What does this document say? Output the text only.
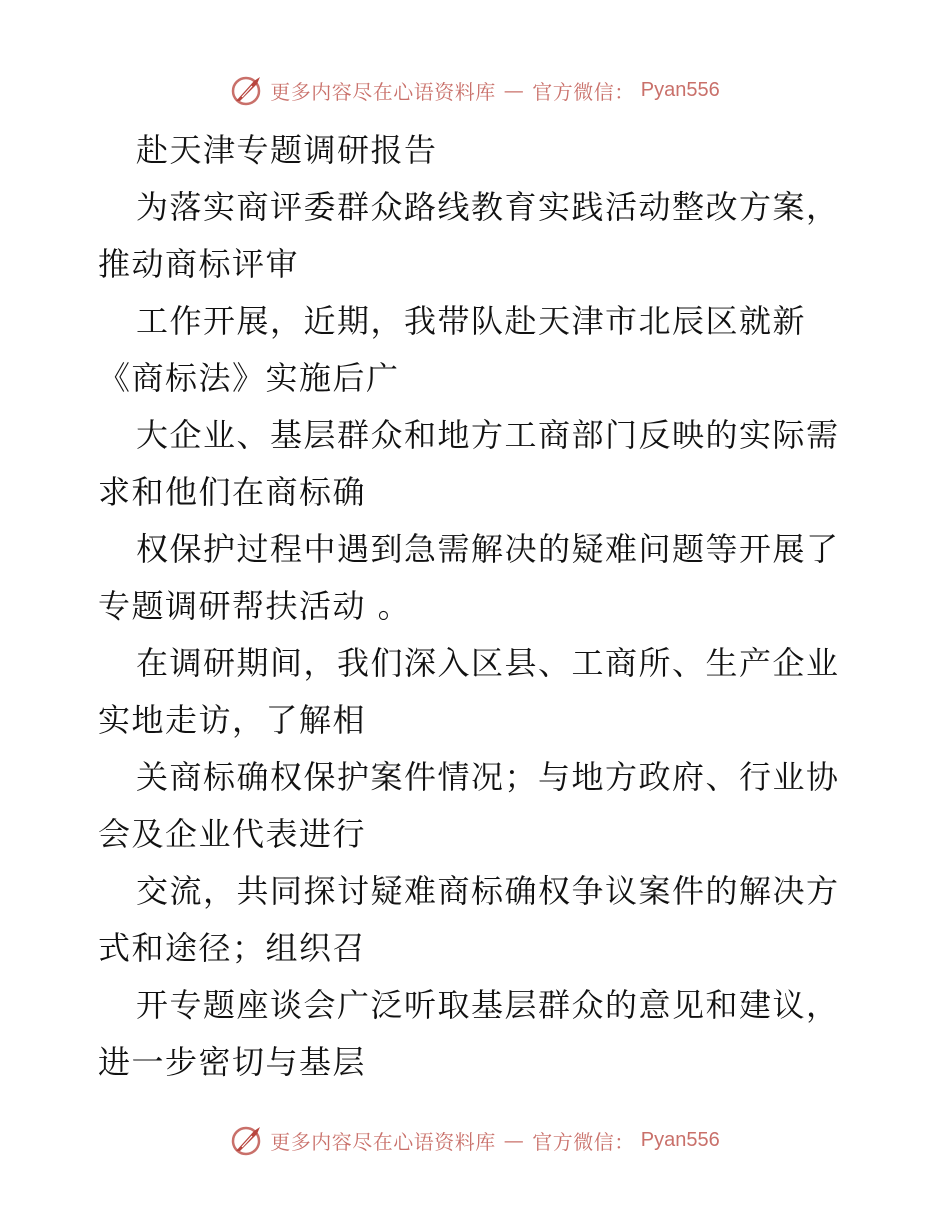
更多内容尽在心语资料库 — 官方微信： Pyan556
赴天津专题调研报告
为落实商评委群众路线教育实践活动整改方案，
推动商标评审
工作开展，近期，我带队赴天津市北辰区就新
《商标法》实施后广
大企业、基层群众和地方工商部门反映的实际需
求和他们在商标确
权保护过程中遇到急需解决的疑难问题等开展了
专题调研帮扶活动 。
在调研期间，我们深入区县、工商所、生产企业
实地走访，了解相
关商标确权保护案件情况；与地方政府、行业协
会及企业代表进行
交流，共同探讨疑难商标确权争议案件的解决方
式和途径；组织召
开专题座谈会广泛听取基层群众的意见和建议，
进一步密切与基层
更多内容尽在心语资料库 — 官方微信： Pyan556
